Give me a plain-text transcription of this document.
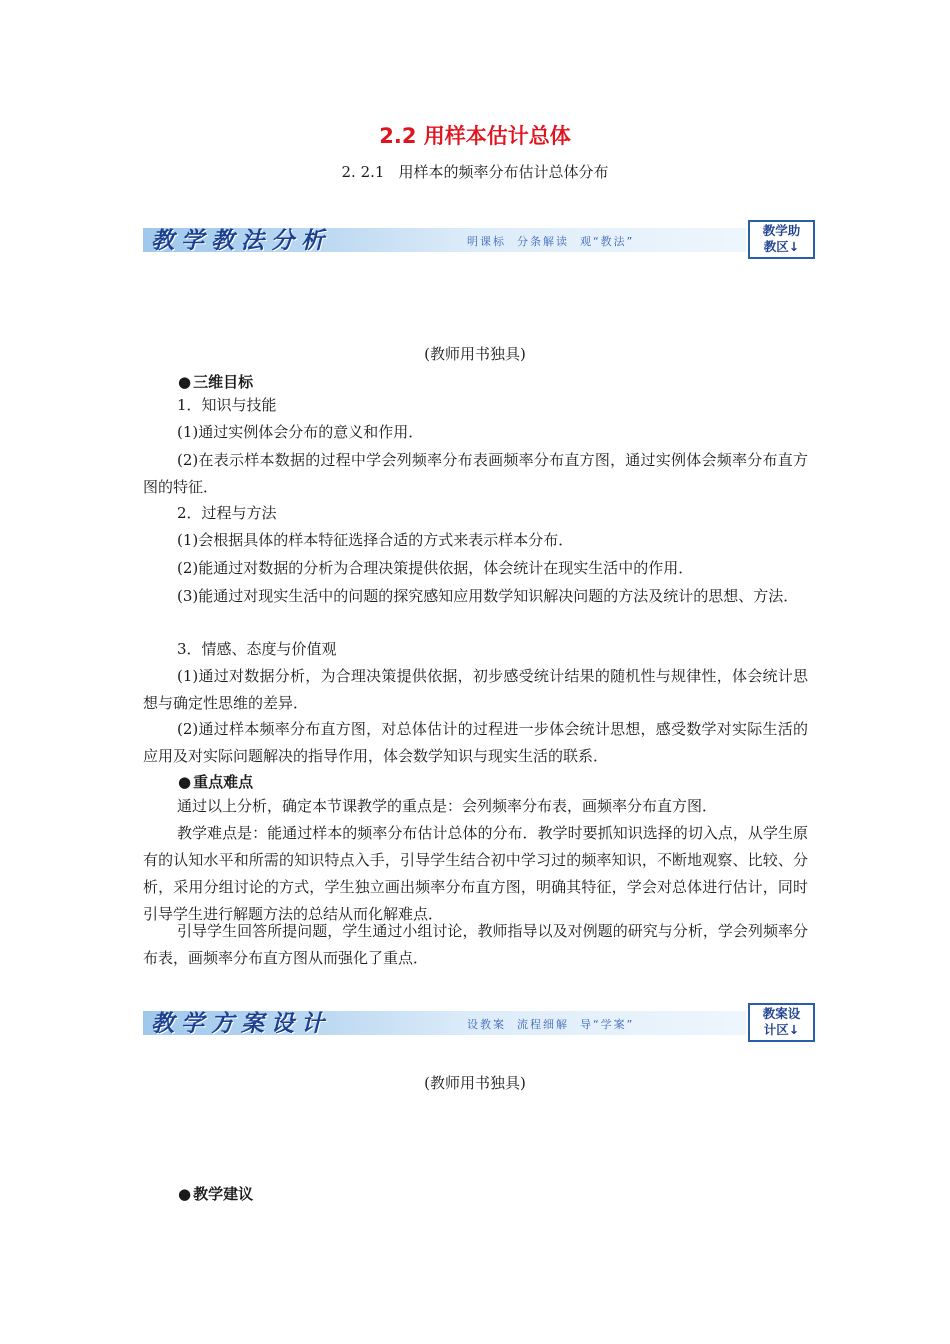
2.2 用样本估计总体
2. 2.1 用样本的频率分布估计总体分布
教学教法分析	明课标  分条解读  观“教法”
教学助
教区↓
(教师用书独具)
● 三维目标
1．知识与技能
(1)通过实例体会分布的意义和作用．
(2)在表示样本数据的过程中学会列频率分布表画频率分布直方图，通过实例体会频率分布直方图的特征．
2．过程与方法
(1)会根据具体的样本特征选择合适的方式来表示样本分布．
(2)能通过对数据的分析为合理决策提供依据，体会统计在现实生活中的作用．
(3)能通过对现实生活中的问题的探究感知应用数学知识解决问题的方法及统计的思想、方法．
3．情感、态度与价值观
(1)通过对数据分析，为合理决策提供依据，初步感受统计结果的随机性与规律性，体会统计思想与确定性思维的差异．
(2)通过样本频率分布直方图，对总体估计的过程进一步体会统计思想，感受数学对实际生活的应用及对实际问题解决的指导作用，体会数学知识与现实生活的联系．
● 重点难点
通过以上分析，确定本节课教学的重点是：会列频率分布表，画频率分布直方图．
教学难点是：能通过样本的频率分布估计总体的分布．教学时要抓知识选择的切入点，从学生原有的认知水平和所需的知识特点入手，引导学生结合初中学习过的频率知识，不断地观察、比较、分析，采用分组讨论的方式，学生独立画出频率分布直方图，明确其特征，学会对总体进行估计，同时引导学生进行解题方法的总结从而化解难点．
引导学生回答所提问题，学生通过小组讨论，教师指导以及对例题的研究与分析，学会列频率分布表，画频率分布直方图从而强化了重点．
教学方案设计	设教案  流程细解  导“学案”
教案设
计区↓
(教师用书独具)
● 教学建议
